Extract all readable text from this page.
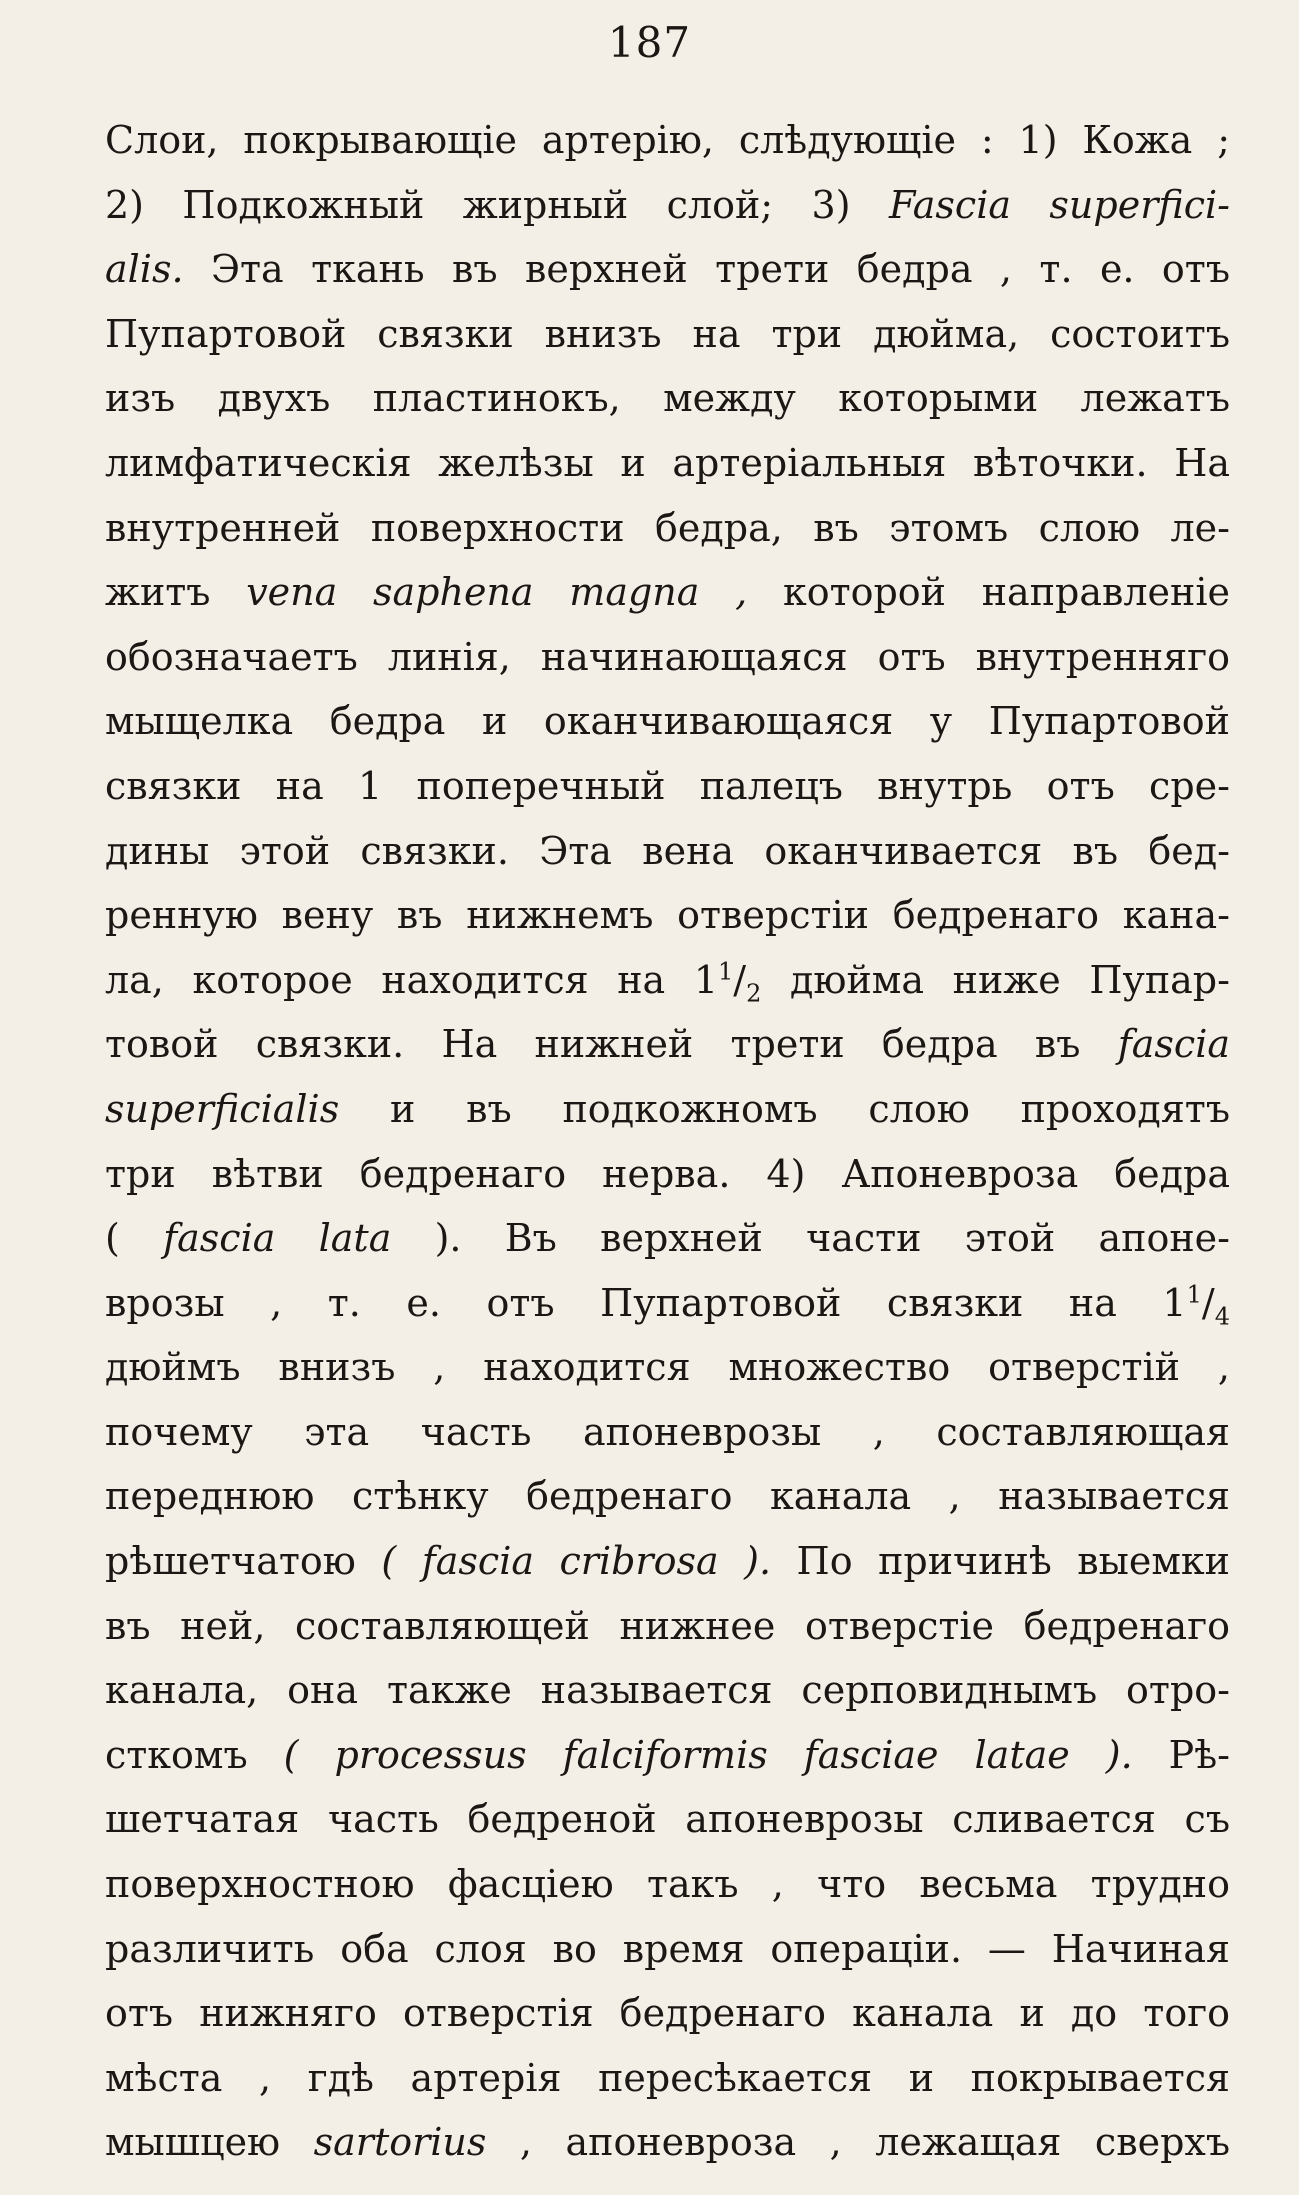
187
Слои, покрывающіе артерію, слѣдующіе : 1) Кожа ;
2) Подкожный жирный слой; 3) Fascia superfici-
alis. Эта ткань въ верхней трети бедра , т. е. отъ
Пупартовой связки внизъ на три дюйма, состоитъ
изъ двухъ пластинокъ, между которыми лежатъ
лимфатическія желѣзы и артеріальныя вѣточки. На
внутренней поверхности бедра, въ этомъ слою ле-
житъ vena saphena magna , которой направленіе
обозначаетъ линія, начинающаяся отъ внутренняго
мыщелка бедра и оканчивающаяся у Пупартовой
связки на 1 поперечный палецъ внутрь отъ сре-
дины этой связки. Эта вена оканчивается въ бед-
ренную вену въ нижнемъ отверстіи бедренаго кана-
ла, которое находится на $1^1/_2$ дюйма ниже Пупар-
товой связки. На нижней трети бедра въ fascia
superficialis и въ подкожномъ слою проходятъ
три вѣтви бедренаго нерва. 4) Апоневроза бедра
( fascia lata ). Въ верхней части этой апоне-
врозы , т. е. отъ Пупартовой связки на $1^1/_4$
дюймъ внизъ , находится множество отверстій ,
почему эта часть апоневрозы , составляющая
переднюю стѣнку бедренаго канала , называется
рѣшетчатою ( fascia cribrosa ). По причинѣ выемки
въ ней, составляющей нижнее отверстіе бедренаго
канала, она также называется серповиднымъ отро-
сткомъ ( processus falciformis fasciae latae ). Рѣ-
шетчатая часть бедреной апоневрозы сливается съ
поверхностною фасціею такъ , что весьма трудно
различить оба слоя во время операціи. — Начиная
отъ нижняго отверстія бедренаго канала и до того
мѣста , гдѣ артерія пересѣкается и покрывается
мышцею sartorius , апоневроза , лежащая сверхъ
